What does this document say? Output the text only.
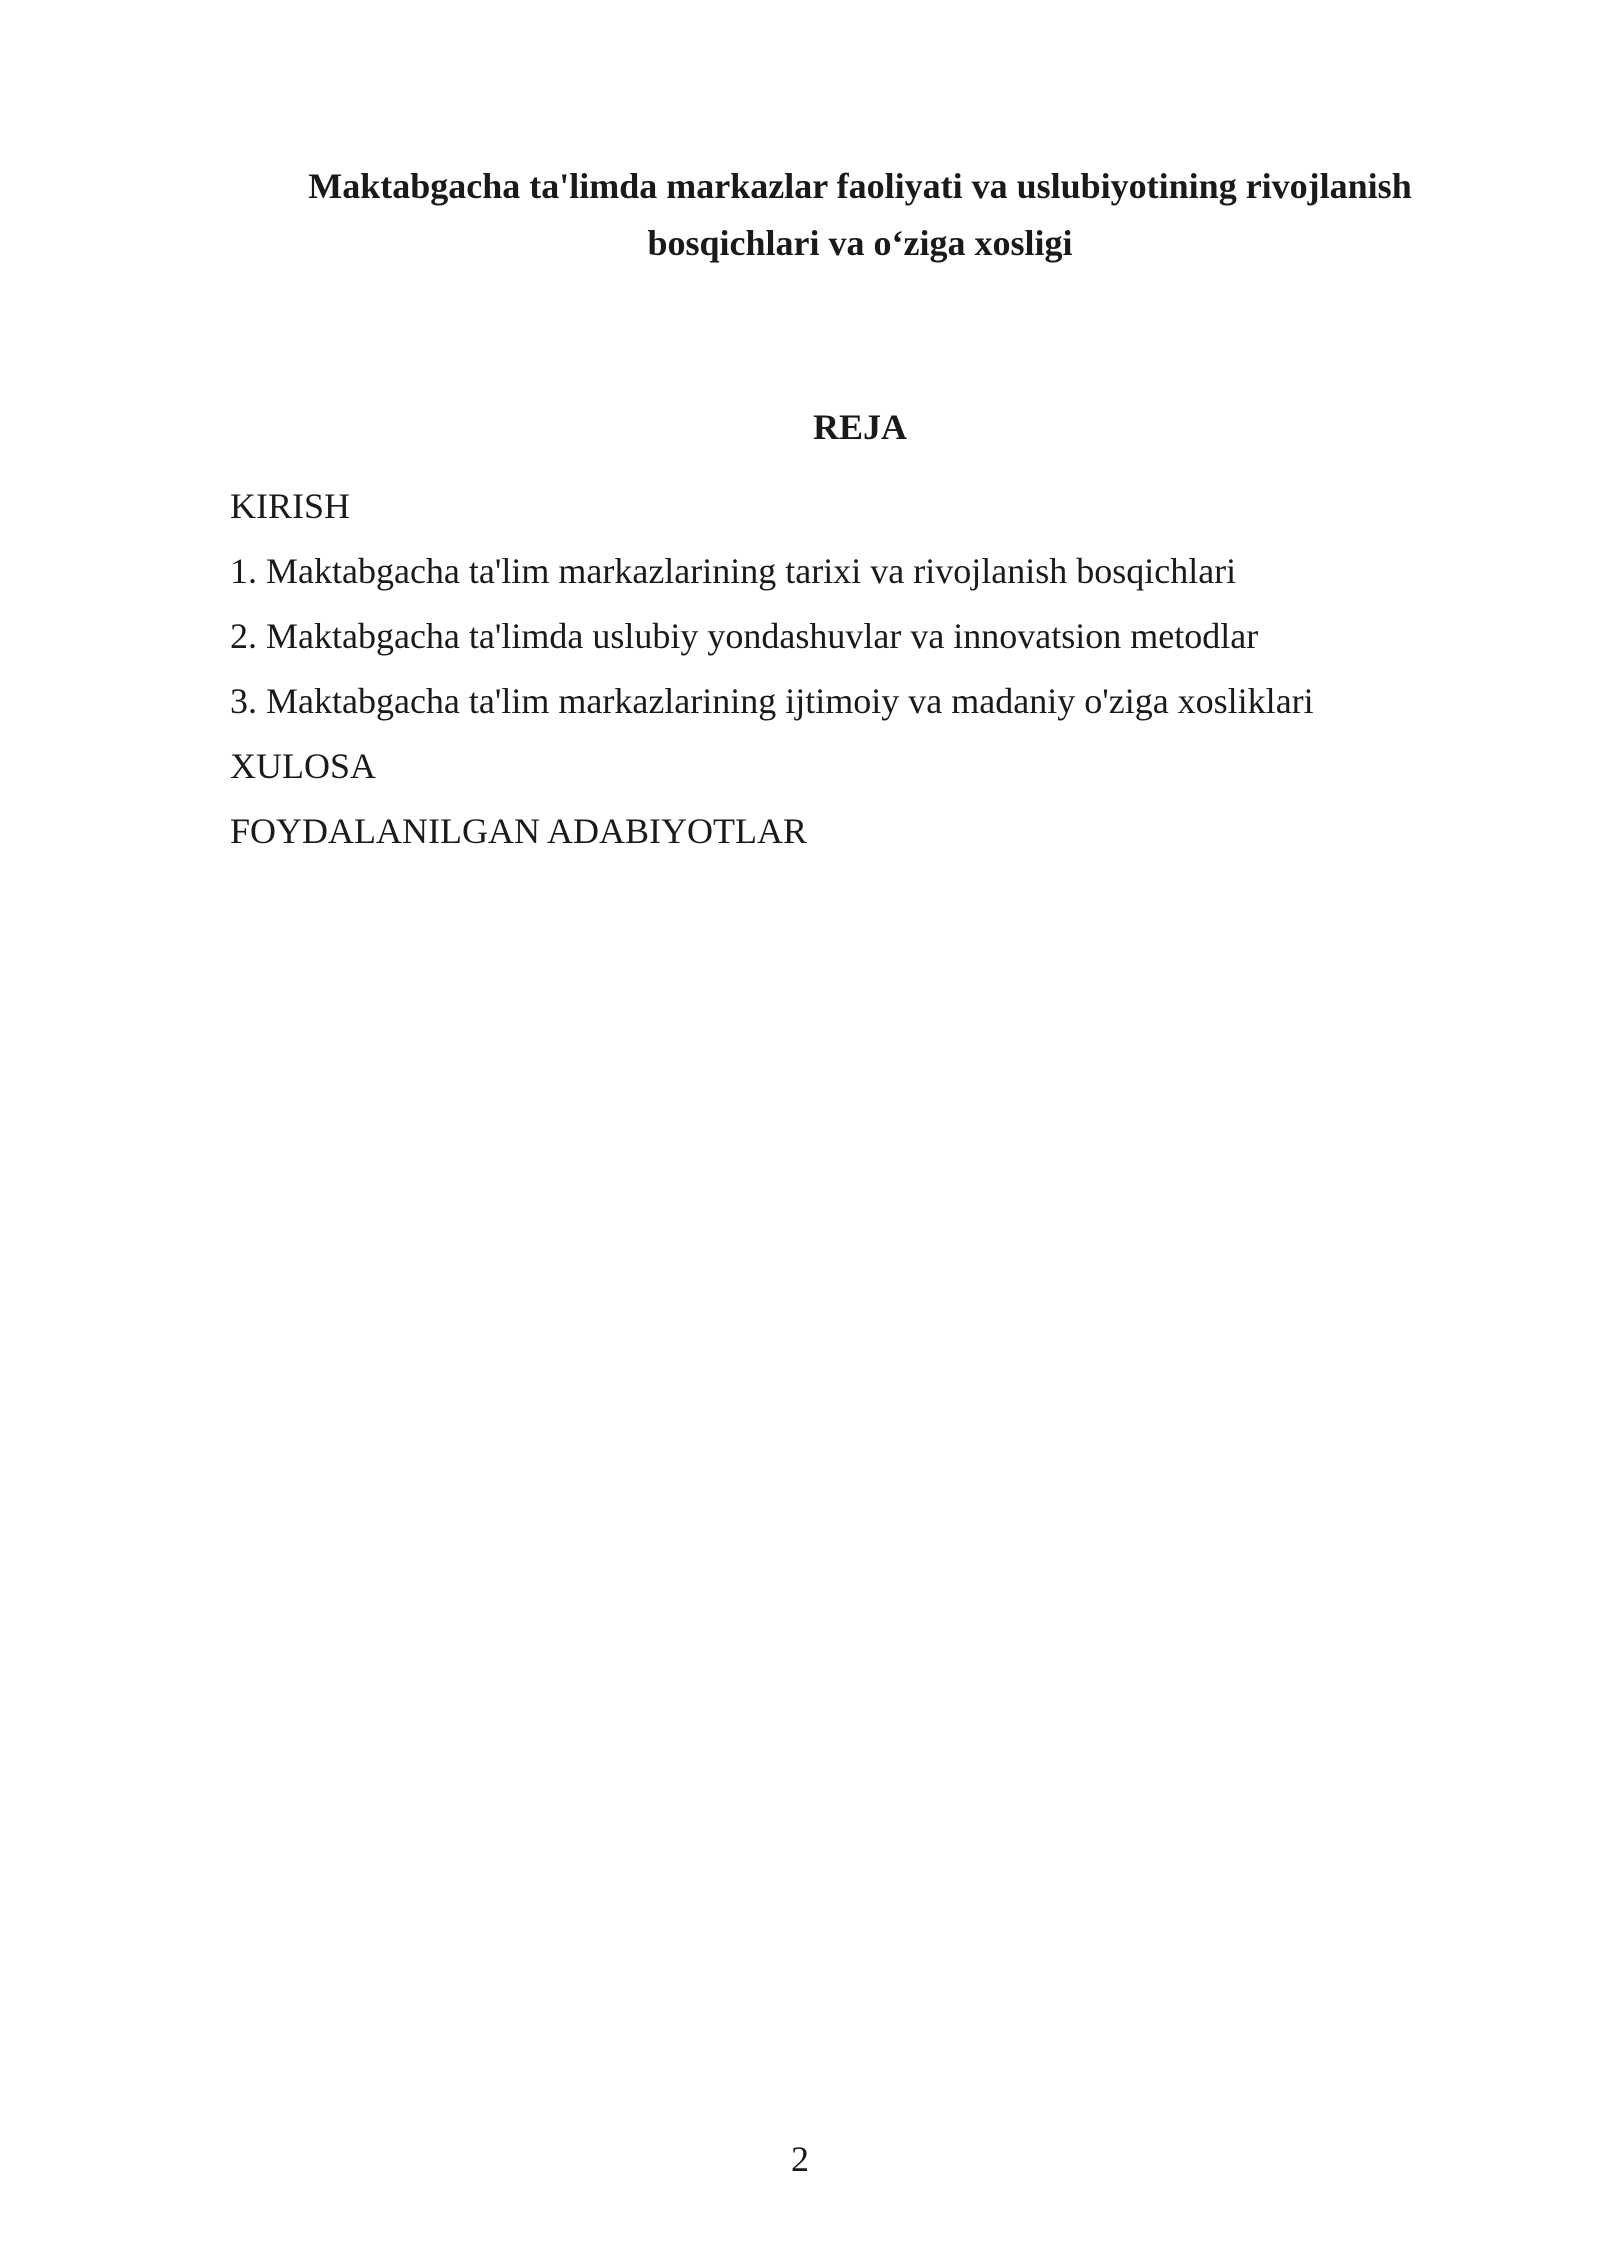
Maktabgacha ta'limda markazlar faoliyati va uslubiyotining rivojlanish
bosqichlari va o‘ziga xosligi
REJA
KIRISH
1. Maktabgacha ta'lim markazlarining tarixi va rivojlanish bosqichlari
2. Maktabgacha ta'limda uslubiy yondashuvlar va innovatsion metodlar
3. Maktabgacha ta'lim markazlarining ijtimoiy va madaniy o'ziga xosliklari
XULOSA
FOYDALANILGAN ADABIYOTLAR
2
